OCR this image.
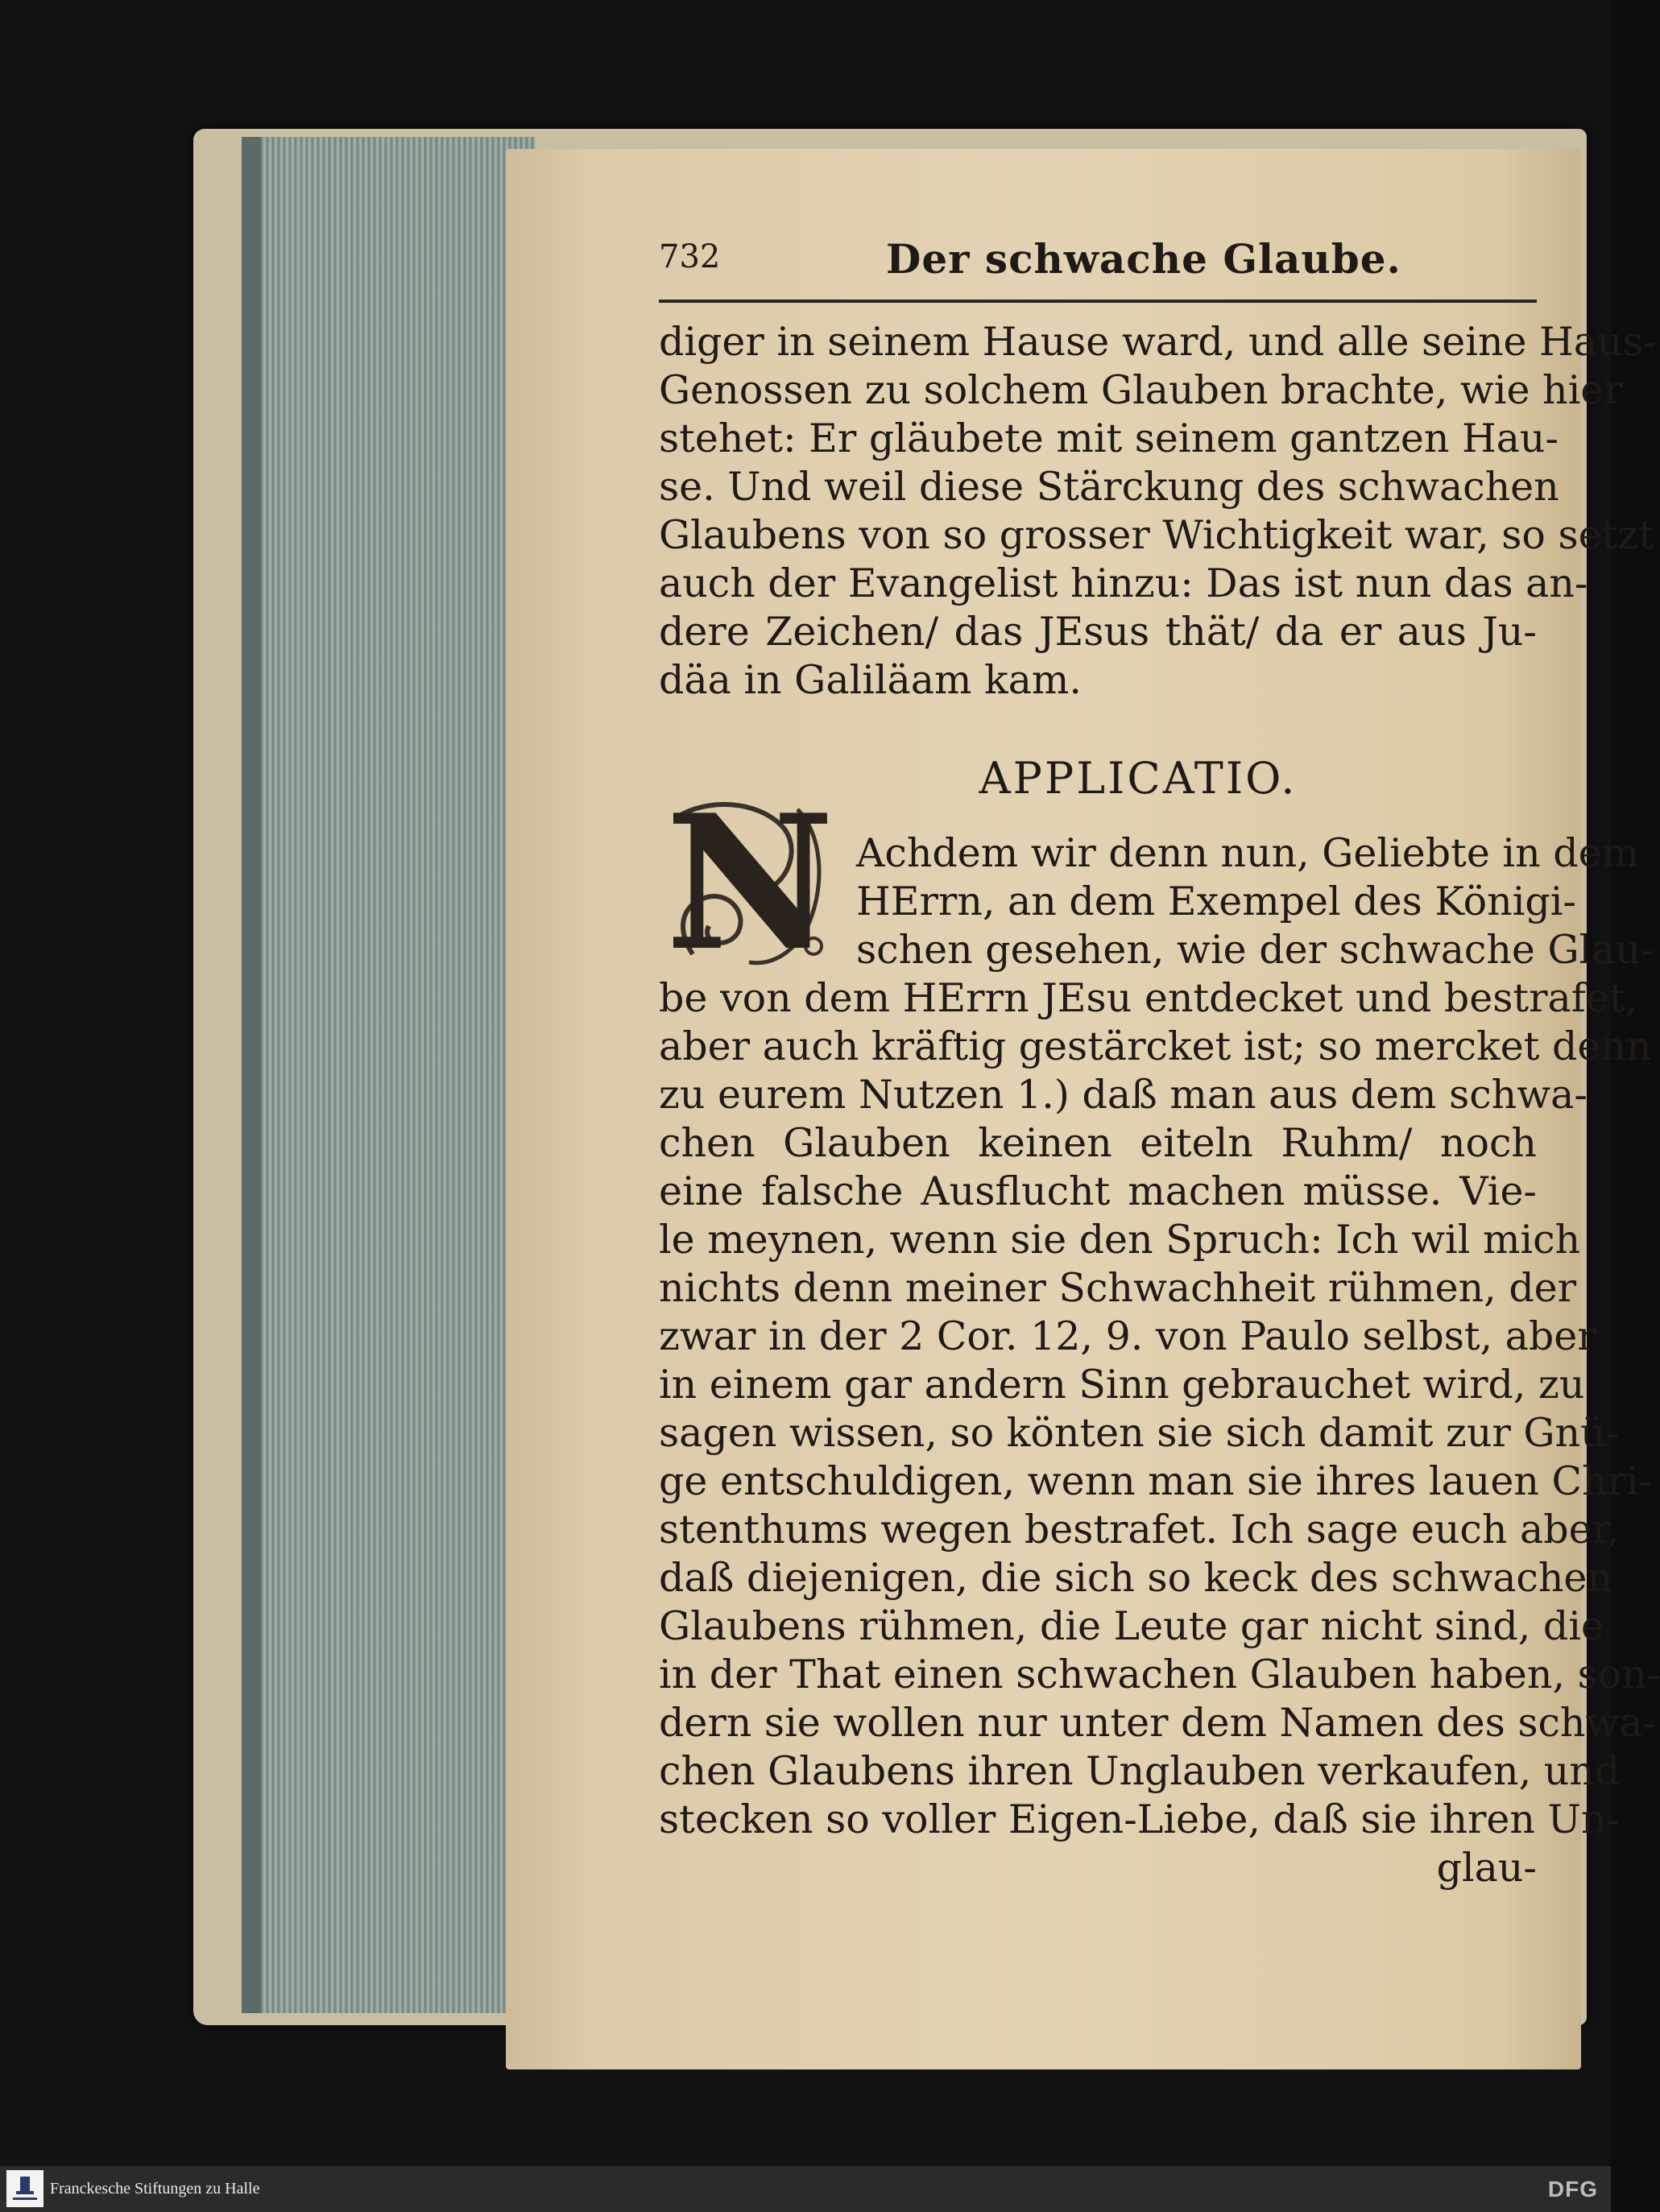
732	Der schwache Glaube.
diger in seinem Hause ward, und alle seine Haus-
Genossen zu solchem Glauben brachte, wie hier
stehet: Er gläubete mit seinem gantzen Hau-
se. Und weil diese Stärckung des schwachen
Glaubens von so grosser Wichtigkeit war, so setzt
auch der Evangelist hinzu: Das ist nun das an-
dere Zeichen/ das JEsus thät/ da er aus Ju-
däa in Galiläam kam.
APPLICATIO.
N Achdem wir denn nun, Geliebte in dem
HErrn, an dem Exempel des Königi-
schen gesehen, wie der schwache Glau-
be von dem HErrn JEsu entdecket und bestrafet,
aber auch kräftig gestärcket ist; so mercket denn
zu eurem Nutzen 1.) daß man aus dem schwa-
chen Glauben keinen eiteln Ruhm/ noch
eine falsche Ausflucht machen müsse. Vie-
le meynen, wenn sie den Spruch: Ich wil mich
nichts denn meiner Schwachheit rühmen, der
zwar in der 2 Cor. 12, 9. von Paulo selbst, aber
in einem gar andern Sinn gebrauchet wird, zu
sagen wissen, so könten sie sich damit zur Gnü-
ge entschuldigen, wenn man sie ihres lauen Chri-
stenthums wegen bestrafet. Ich sage euch aber,
daß diejenigen, die sich so keck des schwachen
Glaubens rühmen, die Leute gar nicht sind, die
in der That einen schwachen Glauben haben, son-
dern sie wollen nur unter dem Namen des schwa-
chen Glaubens ihren Unglauben verkaufen, und
stecken so voller Eigen-Liebe, daß sie ihren Un-
glau-
Franckesche Stiftungen zu Halle	DFG
